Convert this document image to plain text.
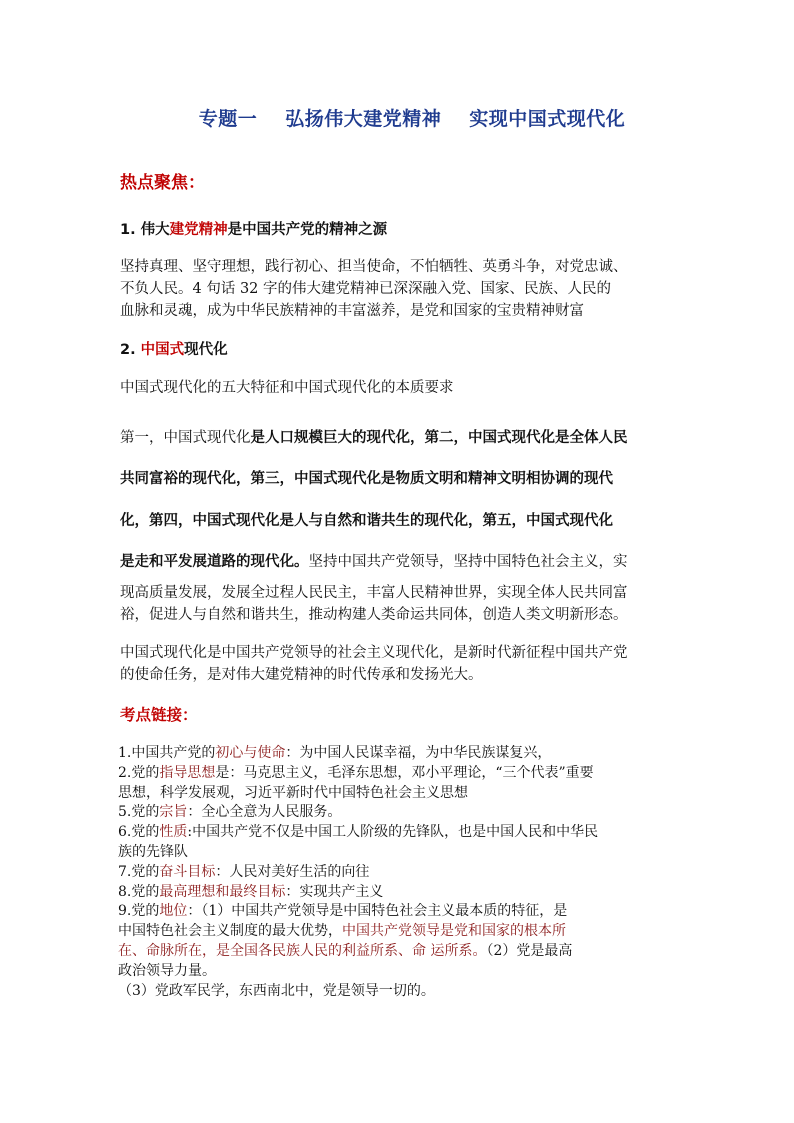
专题一 弘扬伟大建党精神 实现中国式现代化
热点聚焦：
1. 伟大建党精神是中国共产党的精神之源
坚持真理、坚守理想，践行初心、担当使命，不怕牺牲、英勇斗争，对党忠诚、
不负人民。4 句话 32 字的伟大建党精神已深深融入党、国家、民族、人民的
血脉和灵魂，成为中华民族精神的丰富滋养，是党和国家的宝贵精神财富
2. 中国式现代化
中国式现代化的五大特征和中国式现代化的本质要求
第一，中国式现代化是人口规模巨大的现代化，第二，中国式现代化是全体人民
共同富裕的现代化，第三，中国式现代化是物质文明和精神文明相协调的现代
化，第四，中国式现代化是人与自然和谐共生的现代化，第五，中国式现代化
是走和平发展道路的现代化。坚持中国共产党领导，坚持中国特色社会主义，实
现高质量发展，发展全过程人民民主，丰富人民精神世界，实现全体人民共同富
裕，促进人与自然和谐共生，推动构建人类命运共同体，创造人类文明新形态。
中国式现代化是中国共产党领导的社会主义现代化，是新时代新征程中国共产党
的使命任务，是对伟大建党精神的时代传承和发扬光大。
考点链接：
1.中国共产党的初心与使命：为中国人民谋幸福，为中华民族谋复兴，
2.党的指导思想是：马克思主义，毛泽东思想，邓小平理论，“三个代表”重要
思想，科学发展观，习近平新时代中国特色社会主义思想
5.党的宗旨：全心全意为人民服务。
6.党的性质:中国共产党不仅是中国工人阶级的先锋队，也是中国人民和中华民
族的先锋队
7.党的奋斗目标：人民对美好生活的向往
8.党的最高理想和最终目标：实现共产主义
9.党的地位：（1）中国共产党领导是中国特色社会主义最本质的特征，是
中国特色社会主义制度的最大优势，中国共产党领导是党和国家的根本所
在、命脉所在，是全国各民族人民的利益所系、命 运所系。（2）党是最高
政治领导力量。
（3）党政军民学，东西南北中，党是领导一切的。
